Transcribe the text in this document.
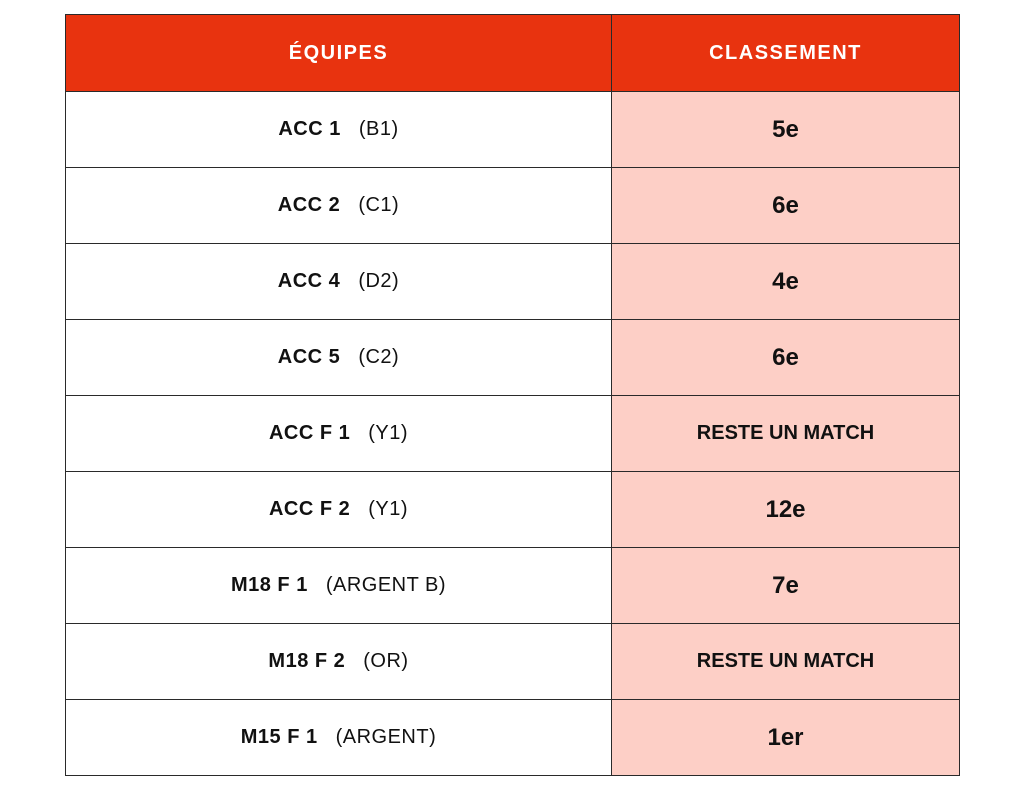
ÉQUIPES	CLASSEMENT
ACC 1 (B1)	5e
ACC 2 (C1)	6e
ACC 4 (D2)	4e
ACC 5 (C2)	6e
ACC F 1 (Y1)	RESTE UN MATCH
ACC F 2 (Y1)	12e
M18 F 1 (ARGENT B)	7e
M18 F 2 (OR)	RESTE UN MATCH
M15 F 1 (ARGENT)	1er
